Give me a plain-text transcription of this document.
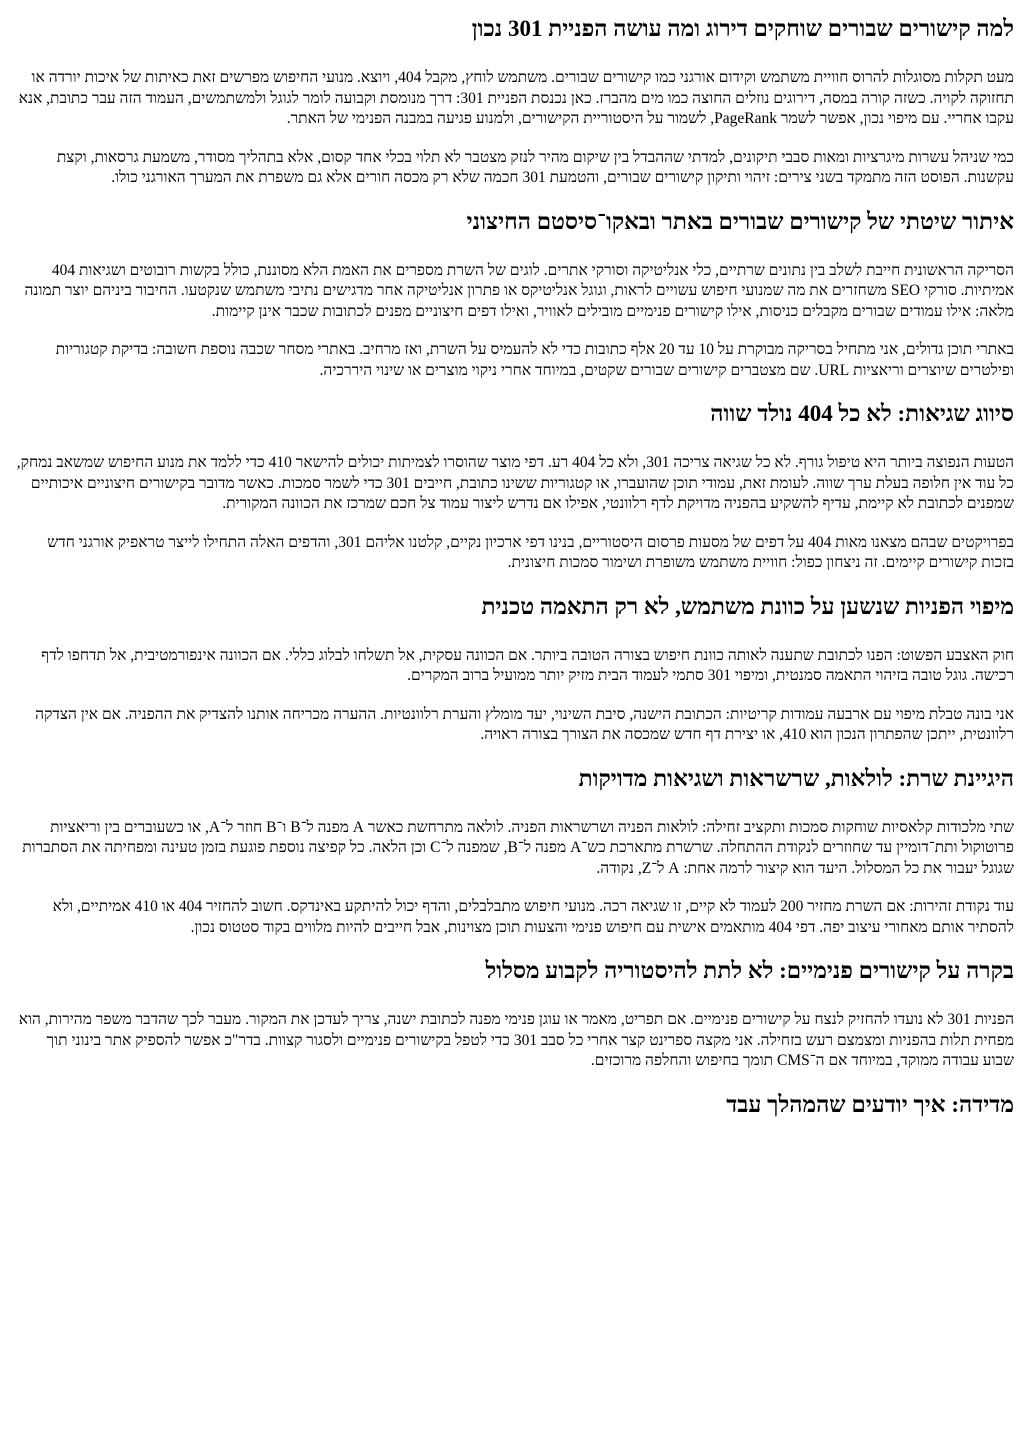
למה קישורים שבורים שוחקים דירוג ומה עושה הפניית 301 נכון

מעט תקלות מסוגלות להרוס חוויית משתמש וקידום אורגני כמו קישורים שבורים. משתמש לוחץ, מקבל 404, ויוצא. מנועי החיפוש מפרשים זאת כאיתות של איכות יורדה או תחזוקה לקויה. כשזה קורה במסה, דירוגים נוזלים החוצה כמו מים מהברז. כאן נכנסת הפניית 301: דרך מנומסת וקבועה לומר לגוגל ולמשתמשים, העמוד הזה עבר כתובת, אנא עקבו אחריי. עם מיפוי נכון, אפשר לשמר PageRank, לשמור על היסטוריית הקישורים, ולמנוע פגיעה במבנה הפנימי של האתר.

כמי שניהל עשרות מיגרציות ומאות סבבי תיקונים, למדתי שההבדל בין שיקום מהיר לנזק מצטבר לא תלוי בכלי אחד קסום, אלא בתהליך מסודר, משמעת גרסאות, וקצת עקשנות. הפוסט הזה מתמקד בשני צירים: זיהוי ותיקון קישורים שבורים, והטמעת 301 חכמה שלא רק מכסה חורים אלא גם משפרת את המערך האורגני כולו.

איתור שיטתי של קישורים שבורים באתר ובאקו־סיסטם החיצוני

הסריקה הראשונית חייבת לשלב בין נתונים שרתיים, כלי אנליטיקה וסורקי אתרים. לוגים של השרת מספרים את האמת הלא מסוננת, כולל בקשות רובוטים ושגיאות 404 אמיתיות. סורקי SEO משחזרים את מה שמנועי חיפוש עשויים לראות, וגוגל אנליטיקס או פתרון אנליטיקה אחר מדגישים נתיבי משתמש שנקטעו. החיבור ביניהם יוצר תמונה מלאה: אילו עמודים שבורים מקבלים כניסות, אילו קישורים פנימיים מובילים לאוויר, ואילו דפים חיצוניים מפנים לכתובות שכבר אינן קיימות.

באתרי תוכן גדולים, אני מתחיל בסריקה מבוקרת על 10 עד 20 אלף כתובות כדי לא להעמיס על השרת, ואז מרחיב. באתרי מסחר שכבה נוספת חשובה: בדיקת קטגוריות ופילטרים שיוצרים וריאציות URL. שם מצטברים קישורים שבורים שקטים, במיוחד אחרי ניקוי מוצרים או שינוי היררכיה.

סיווג שגיאות: לא כל 404 נולד שווה

הטעות הנפוצה ביותר היא טיפול גורף. לא כל שגיאה צריכה 301, ולא כל 404 רע. דפי מוצר שהוסרו לצמיתות יכולים להישאר 410 כדי ללמד את מנוע החיפוש שמשאב נמחק, כל עוד אין חלופה בעלת ערך שווה. לעומת זאת, עמודי תוכן שהועברו, או קטגוריות ששינו כתובת, חייבים 301 כדי לשמר סמכות. כאשר מדובר בקישורים חיצוניים איכותיים שמפנים לכתובת לא קיימת, עדיף להשקיע בהפניה מדויקת לדף רלוונטי, אפילו אם נדרש ליצור עמוד צל חכם שמרכז את הכוונה המקורית.

בפרויקטים שבהם מצאנו מאות 404 על דפים של מסעות פרסום היסטוריים, בנינו דפי ארכיון נקיים, קלטנו אליהם 301, והדפים האלה התחילו לייצר טראפיק אורגני חדש בזכות קישורים קיימים. זה ניצחון כפול: חוויית משתמש משופרת ושימור סמכות חיצונית.

מיפוי הפניות שנשען על כוונת משתמש, לא רק התאמה טכנית

חוק האצבע הפשוט: הפנו לכתובת שתענה לאותה כוונת חיפוש בצורה הטובה ביותר. אם הכוונה עסקית, אל תשלחו לבלוג כללי. אם הכוונה אינפורמטיבית, אל תדחפו לדף רכישה. גוגל טובה בזיהוי התאמה סמנטית, ומיפוי 301 סתמי לעמוד הבית מזיק יותר ממועיל ברוב המקרים.

אני בונה טבלת מיפוי עם ארבעה עמודות קריטיות: הכתובת הישנה, סיבת השינוי, יעד מומלץ והערת רלוונטיות. ההערה מכריחה אותנו להצדיק את ההפניה. אם אין הצדקה רלוונטית, ייתכן שהפתרון הנכון הוא 410, או יצירת דף חדש שמכסה את הצורך בצורה ראויה.

היגיינת שרת: לולאות, שרשראות ושגיאות מדויקות

שתי מלכודות קלאסיות שוחקות סמכות ותקציב זחילה: לולאות הפניה ושרשראות הפניה. לולאה מתרחשת כאשר A מפנה ל־B ו־B חוזר ל־A, או כשעוברים בין וריאציות פרוטוקול ותת־דומיין עד שחוזרים לנקודת ההתחלה. שרשרת מתארכת כש־A מפנה ל־B, שמפנה ל־C וכן הלאה. כל קפיצה נוספת פוגעת בזמן טעינה ומפחיתה את הסתברות שגוגל יעבור את כל המסלול. היעד הוא קיצור לרמה אחת: A ל־Z, נקודה.

עוד נקודת זהירות: אם השרת מחזיר 200 לעמוד לא קיים, זו שגיאה רכה. מנועי חיפוש מתבלבלים, והדף יכול להיתקע באינדקס. חשוב להחזיר 404 או 410 אמיתיים, ולא להסתיר אותם מאחורי עיצוב יפה. דפי 404 מותאמים אישית עם חיפוש פנימי והצעות תוכן מצוינות, אבל חייבים להיות מלווים בקוד סטטוס נכון.

בקרה על קישורים פנימיים: לא לתת להיסטוריה לקבוע מסלול

הפניות 301 לא נועדו להחזיק לנצח על קישורים פנימיים. אם תפריט, מאמר או עוגן פנימי מפנה לכתובת ישנה, צריך לעדכן את המקור. מעבר לכך שהדבר משפר מהירות, הוא מפחית תלות בהפניות ומצמצם רעש בזחילה. אני מקצה ספרינט קצר אחרי כל סבב 301 כדי לטפל בקישורים פנימיים ולסגור קצוות. בדר"כ אפשר להספיק אתר בינוני תוך שבוע עבודה ממוקד, במיוחד אם ה־CMS תומך בחיפוש והחלפה מרוכזים.

מדידה: איך יודעים שהמהלך עבד
